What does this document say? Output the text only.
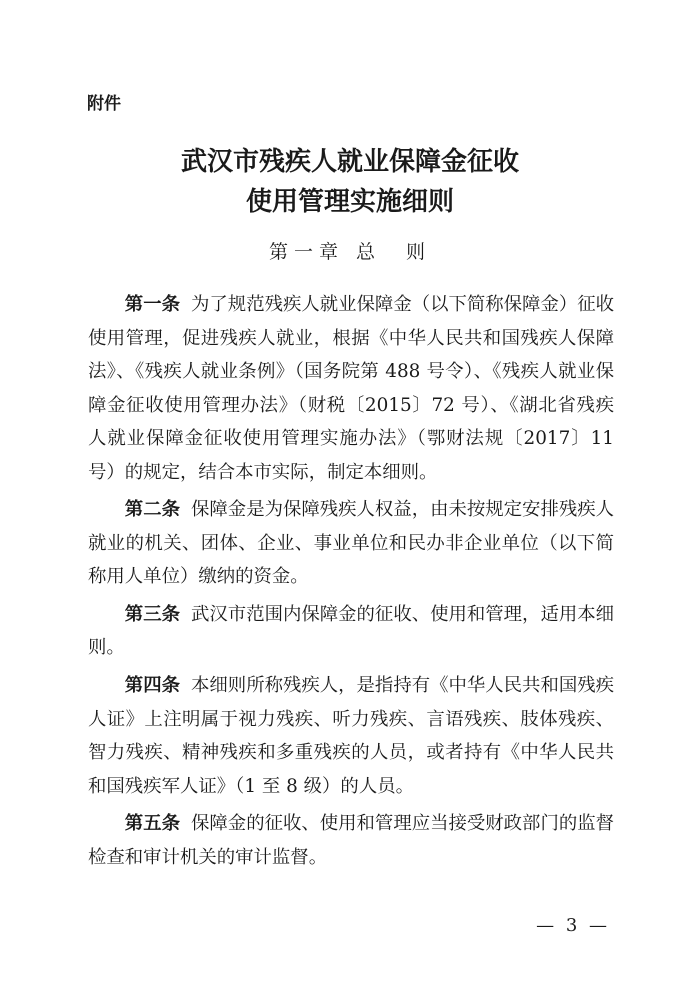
附件
武汉市残疾人就业保障金征收
使用管理实施细则
第一章 总　则

第一条 为了规范残疾人就业保障金（以下简称保障金）征收使用管理，促进残疾人就业，根据《中华人民共和国残疾人保障法》、《残疾人就业条例》（国务院第 488 号令）、《残疾人就业保障金征收使用管理办法》（财税〔2015〕72 号）、《湖北省残疾人就业保障金征收使用管理实施办法》（鄂财法规〔2017〕11 号）的规定，结合本市实际，制定本细则。

第二条 保障金是为保障残疾人权益，由未按规定安排残疾人就业的机关、团体、企业、事业单位和民办非企业单位（以下简称用人单位）缴纳的资金。

第三条 武汉市范围内保障金的征收、使用和管理，适用本细则。

第四条 本细则所称残疾人，是指持有《中华人民共和国残疾人证》上注明属于视力残疾、听力残疾、言语残疾、肢体残疾、智力残疾、精神残疾和多重残疾的人员，或者持有《中华人民共和国残疾军人证》（1 至 8 级）的人员。

第五条 保障金的征收、使用和管理应当接受财政部门的监督检查和审计机关的审计监督。

— 3 —
